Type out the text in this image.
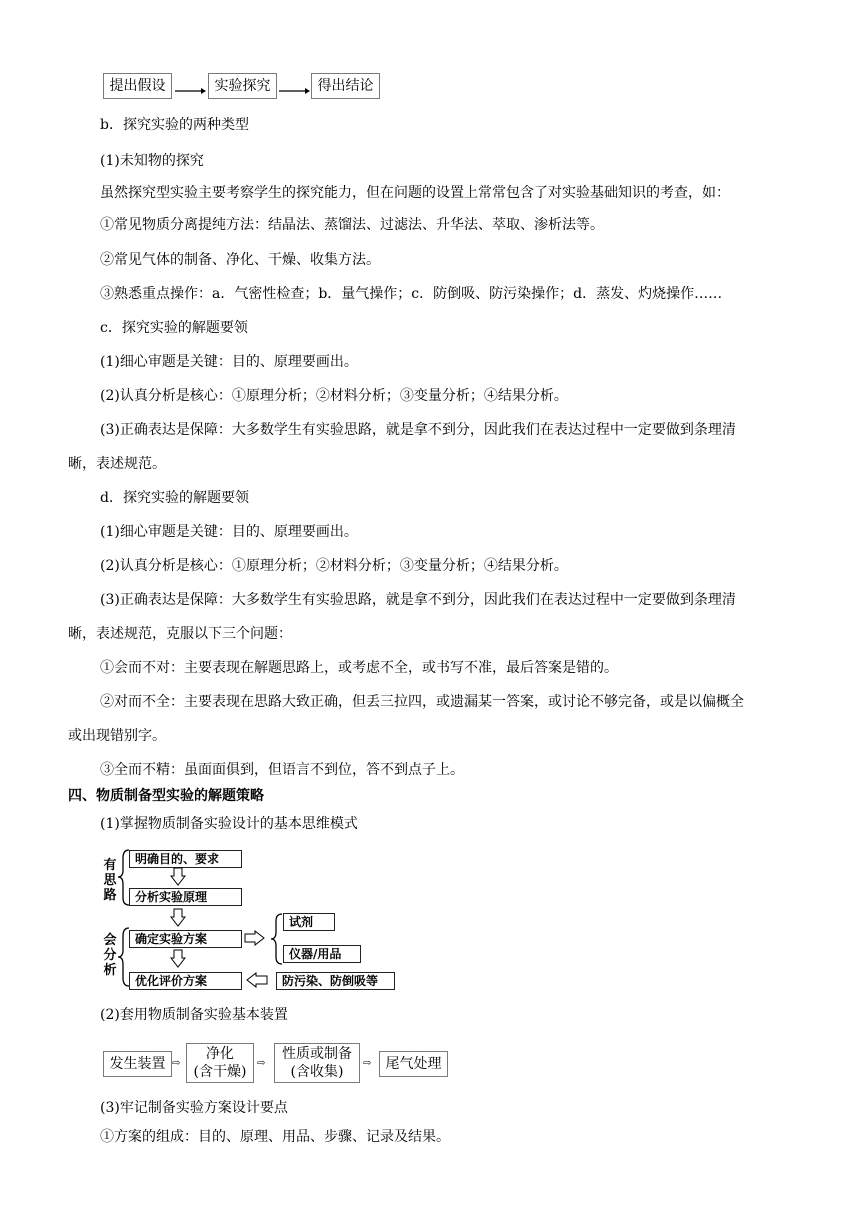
提出假设	实验探究	得出结论
b．探究实验的两种类型
(1)未知物的探究
虽然探究型实验主要考察学生的探究能力，但在问题的设置上常常包含了对实验基础知识的考查，如：
①常见物质分离提纯方法：结晶法、蒸馏法、过滤法、升华法、萃取、渗析法等。
②常见气体的制备、净化、干燥、收集方法。
③熟悉重点操作：a．气密性检查；b．量气操作；c．防倒吸、防污染操作；d．蒸发、灼烧操作……
c．探究实验的解题要领
(1)细心审题是关键：目的、原理要画出。
(2)认真分析是核心：①原理分析；②材料分析；③变量分析；④结果分析。
(3)正确表达是保障：大多数学生有实验思路，就是拿不到分，因此我们在表达过程中一定要做到条理清
晰，表述规范。
d．探究实验的解题要领
(1)细心审题是关键：目的、原理要画出。
(2)认真分析是核心：①原理分析；②材料分析；③变量分析；④结果分析。
(3)正确表达是保障：大多数学生有实验思路，就是拿不到分，因此我们在表达过程中一定要做到条理清
晰，表述规范，克服以下三个问题：
①会而不对：主要表现在解题思路上，或考虑不全，或书写不准，最后答案是错的。
②对而不全：主要表现在思路大致正确，但丢三拉四，或遗漏某一答案，或讨论不够完备，或是以偏概全
或出现错别字。
③全而不精：虽面面俱到，但语言不到位，答不到点子上。
四、物质制备型实验的解题策略
(1)掌握物质制备实验设计的基本思维模式
有思路
会分析
明确目的、要求
分析实验原理
确定实验方案
优化评价方案
试剂
仪器/用品
防污染、防倒吸等
(2)套用物质制备实验基本装置
发生装置 ⇨
净化
(含干燥)
⇨
性质或制备
(含收集)
⇨ 尾气处理
(3)牢记制备实验方案设计要点
①方案的组成：目的、原理、用品、步骤、记录及结果。
